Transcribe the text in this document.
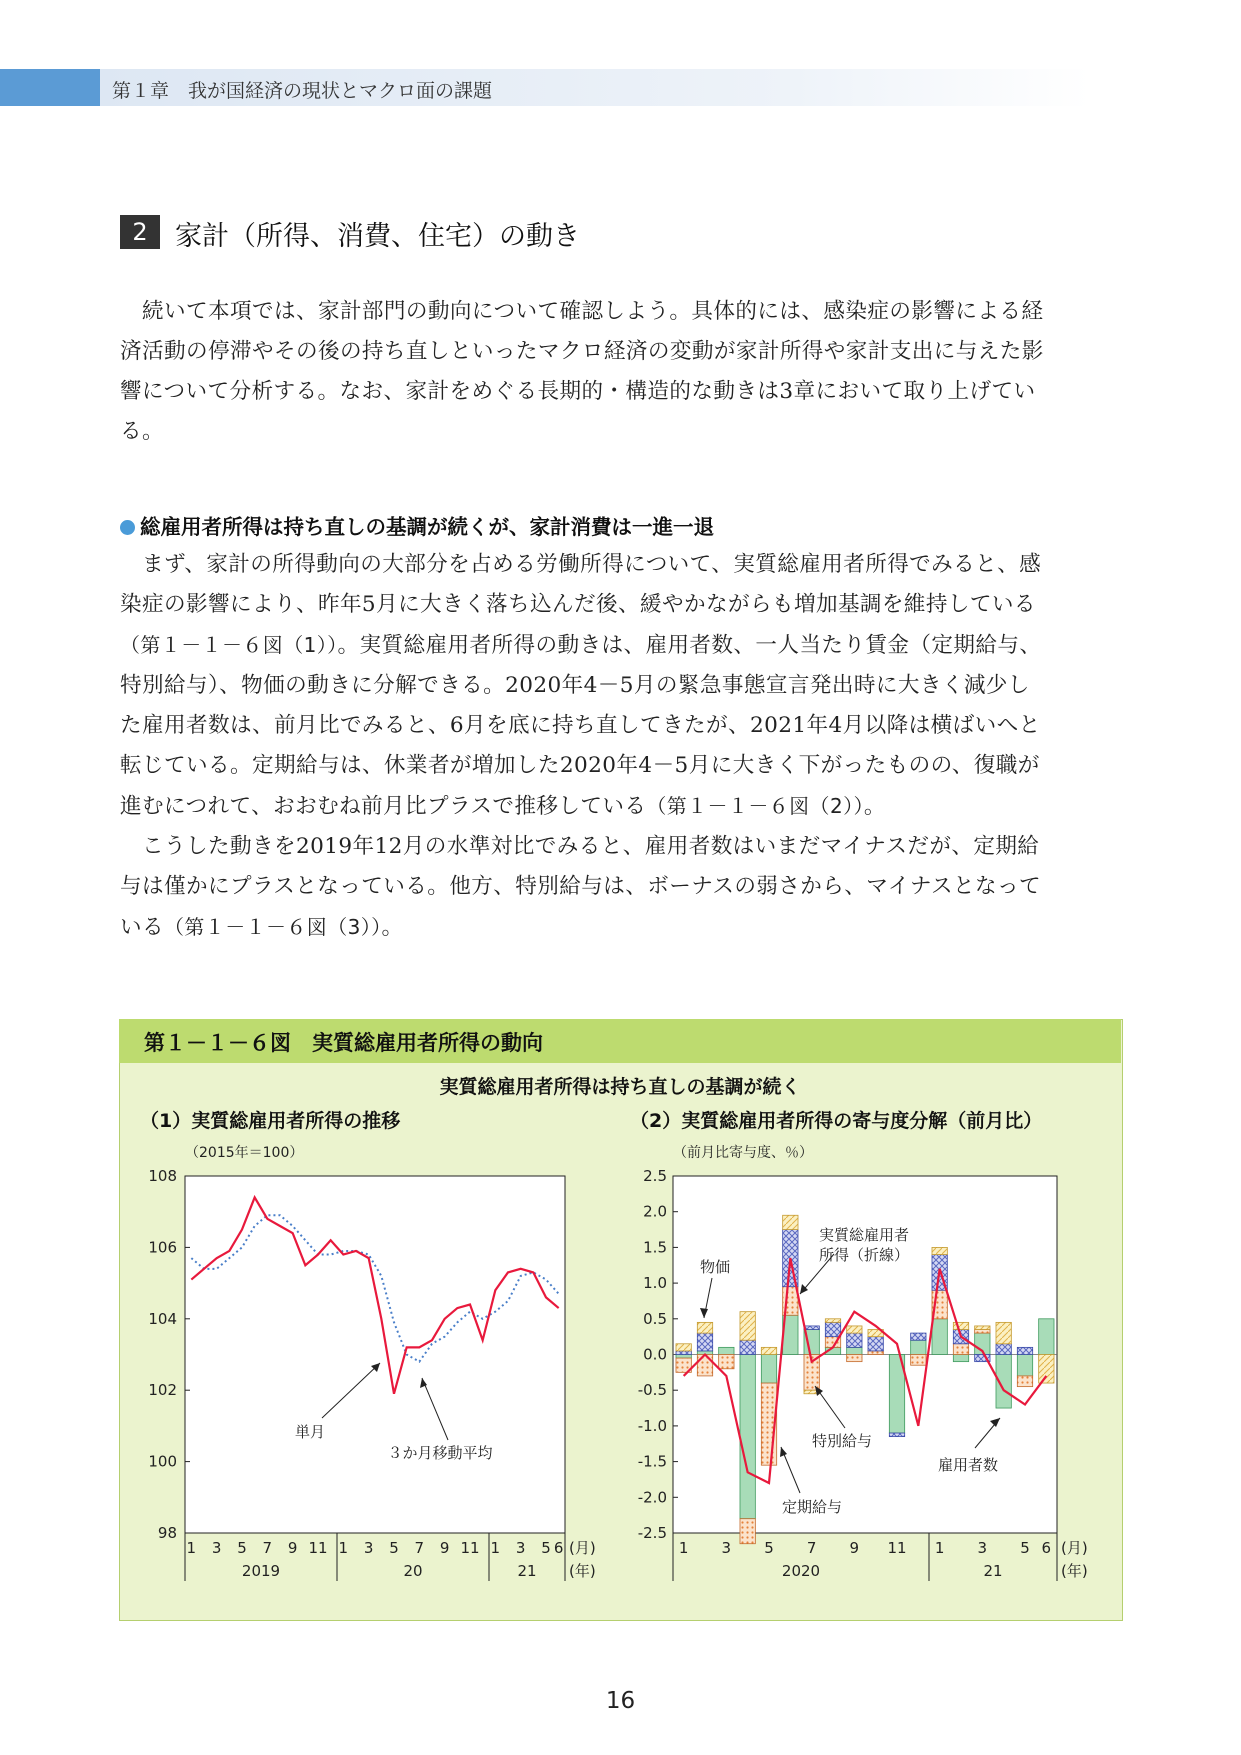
第１章　我が国経済の現状とマクロ面の課題
2	家計（所得、消費、住宅）の動き
　続いて本項では、家計部門の動向について確認しよう。具体的には、感染症の影響による経
済活動の停滞やその後の持ち直しといったマクロ経済の変動が家計所得や家計支出に与えた影
響について分析する。なお、家計をめぐる長期的・構造的な動きは3章において取り上げてい
る。
総雇用者所得は持ち直しの基調が続くが、家計消費は一進一退
　まず、家計の所得動向の大部分を占める労働所得について、実質総雇用者所得でみると、感
染症の影響により、昨年5月に大きく落ち込んだ後、緩やかながらも増加基調を維持している
（第１－１－６図（1））。実質総雇用者所得の動きは、雇用者数、一人当たり賃金（定期給与、
特別給与）、物価の動きに分解できる。2020年4－5月の緊急事態宣言発出時に大きく減少し
た雇用者数は、前月比でみると、6月を底に持ち直してきたが、2021年4月以降は横ばいへと
転じている。定期給与は、休業者が増加した2020年4－5月に大きく下がったものの、復職が
進むにつれて、おおむね前月比プラスで推移している（第１－１－６図（2））。
　こうした動きを2019年12月の水準対比でみると、雇用者数はいまだマイナスだが、定期給
与は僅かにプラスとなっている。他方、特別給与は、ボーナスの弱さから、マイナスとなって
いる（第１－１－６図（3））。
第１－１－６図　実質総雇用者所得の動向
実質総雇用者所得は持ち直しの基調が続く
（1）実質総雇用者所得の推移
（2015年＝100）
98
100
102
104
106
108
1 3 5 7 9 11 1 3 5 7 9 11 1 3 5 6
2019	20	21
(月)
(年)
単月
３か月移動平均
（2）実質総雇用者所得の寄与度分解（前月比）
（前月比寄与度、％）
2.5
2.0
1.5
1.0
0.5
0.0
-0.5
-1.0
-1.5
-2.0
-2.5
1 3 5 7 9 11 1 3 5 6
2020	21
(月)
(年)
物価
実質総雇用者
所得（折線）
特別給与
雇用者数
定期給与
16
